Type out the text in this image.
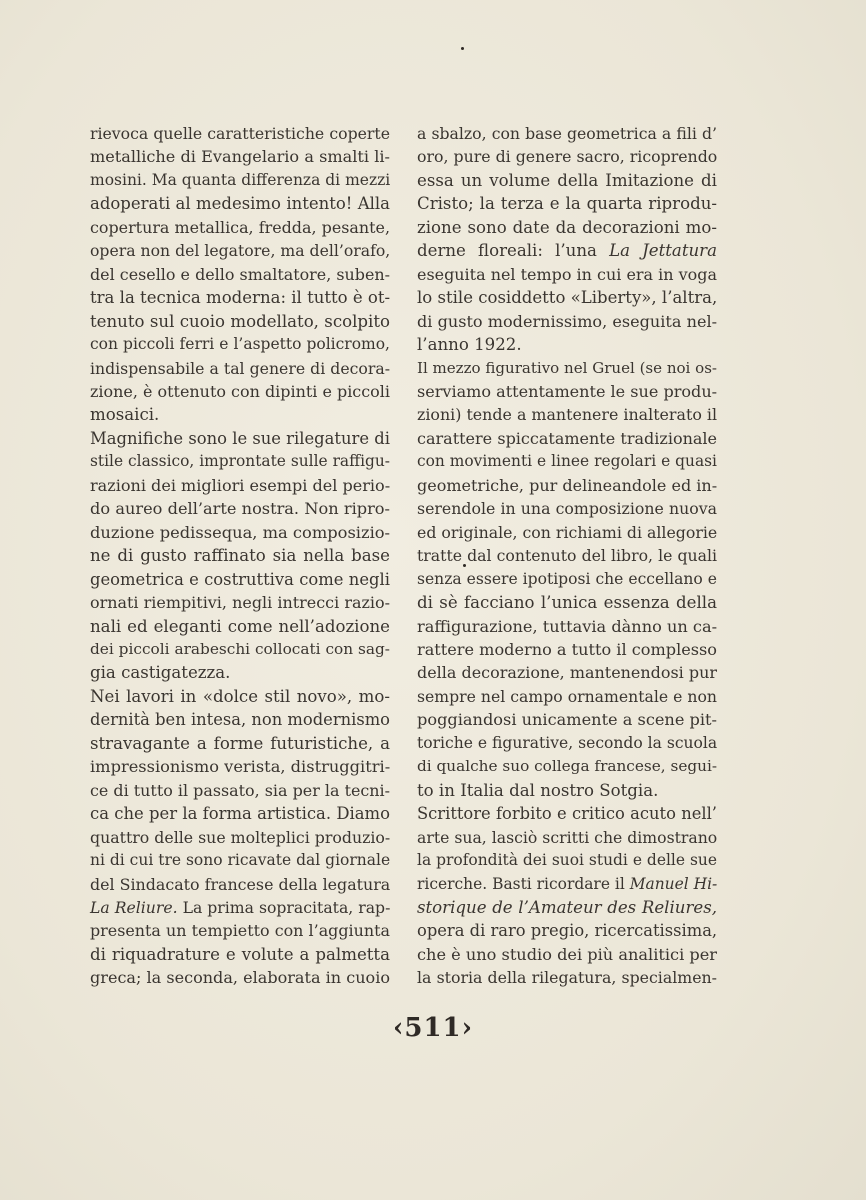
rievoca quelle caratteristiche coperte
metalliche di Evangelario a smalti li-
mosini. Ma quanta differenza di mezzi
adoperati al medesimo intento! Alla
copertura metallica, fredda, pesante,
opera non del legatore, ma dell’orafo,
del cesello e dello smaltatore, suben-
tra la tecnica moderna: il tutto è ot-
tenuto sul cuoio modellato, scolpito
con piccoli ferri e l’aspetto policromo,
indispensabile a tal genere di decora-
zione, è ottenuto con dipinti e piccoli
mosaici.
Magnifiche sono le sue rilegature di
stile classico, improntate sulle raffigu-
razioni dei migliori esempi del perio-
do aureo dell’arte nostra. Non ripro-
duzione pedissequa, ma composizio-
ne di gusto raffinato sia nella base
geometrica e costruttiva come negli
ornati riempitivi, negli intrecci razio-
nali ed eleganti come nell’adozione
dei piccoli arabeschi collocati con sag-
gia castigatezza.
Nei lavori in «dolce stil novo», mo-
dernità ben intesa, non modernismo
stravagante a forme futuristiche, a
impressionismo verista, distruggitri-
ce di tutto il passato, sia per la tecni-
ca che per la forma artistica. Diamo
quattro delle sue molteplici produzio-
ni di cui tre sono ricavate dal giornale
del Sindacato francese della legatura
La Reliure. La prima sopracitata, rap-
presenta un tempietto con l’aggiunta
di riquadrature e volute a palmetta
greca; la seconda, elaborata in cuoio
a sbalzo, con base geometrica a fili d’
oro, pure di genere sacro, ricoprendo
essa un volume della Imitazione di
Cristo; la terza e la quarta riprodu-
zione sono date da decorazioni mo-
derne floreali: l’una La Jettatura
eseguita nel tempo in cui era in voga
lo stile cosiddetto «Liberty», l’altra,
di gusto modernissimo, eseguita nel-
l’anno 1922.
Il mezzo figurativo nel Gruel (se noi os-
serviamo attentamente le sue produ-
zioni) tende a mantenere inalterato il
carattere spiccatamente tradizionale
con movimenti e linee regolari e quasi
geometriche, pur delineandole ed in-
serendole in una composizione nuova
ed originale, con richiami di allegorie
tratte dal contenuto del libro, le quali
senza essere ipotiposi che eccellano e
di sè facciano l’unica essenza della
raffigurazione, tuttavia dànno un ca-
rattere moderno a tutto il complesso
della decorazione, mantenendosi pur
sempre nel campo ornamentale e non
poggiandosi unicamente a scene pit-
toriche e figurative, secondo la scuola
di qualche suo collega francese, segui-
to in Italia dal nostro Sotgia.
Scrittore forbito e critico acuto nell’
arte sua, lasciò scritti che dimostrano
la profondità dei suoi studi e delle sue
ricerche. Basti ricordare il Manuel Hi-
storique de l’Amateur des Reliures,
opera di raro pregio, ricercatissima,
che è uno studio dei più analitici per
la storia della rilegatura, specialmen-
‹511›
